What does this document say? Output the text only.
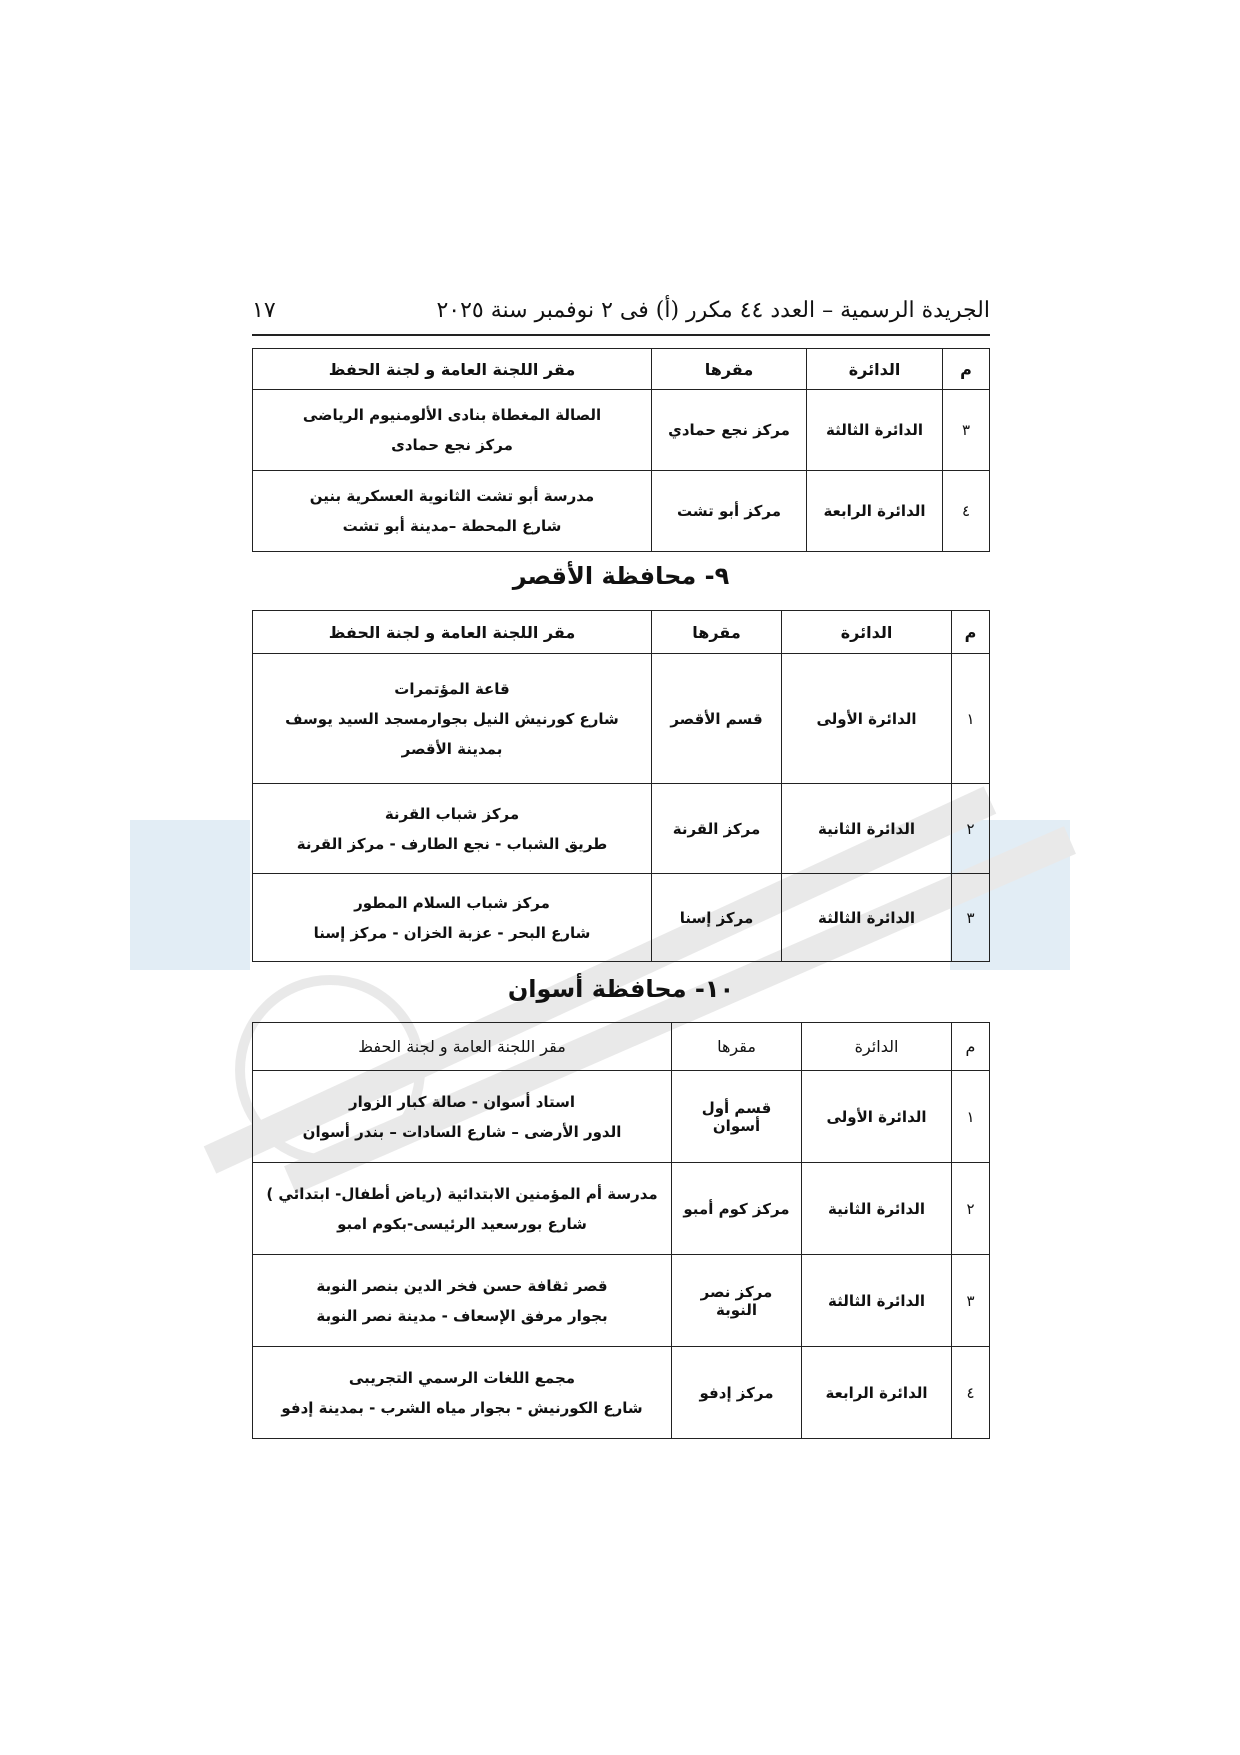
الجريدة الرسمية – العدد ٤٤ مكرر (أ) فى ٢ نوفمبر سنة ٢٠٢٥
١٧
م	الدائرة	مقرها	مقر اللجنة العامة و لجنة الحفظ
٣	الدائرة الثالثة	مركز نجع حمادي	الصالة المغطاة بنادى الألومنيوم الرياضى
مركز نجع حمادى

٤	الدائرة الرابعة	مركز أبو تشت	مدرسة أبو تشت الثانوية العسكرية بنين
شارع المحطة –مدينة أبو تشت
٩- محافظة الأقصر
م	الدائرة	مقرها	مقر اللجنة العامة و لجنة الحفظ
١	الدائرة الأولى	قسم الأقصر	قاعة المؤتمرات
شارع كورنيش النيل بجوارمسجد السيد يوسف
بمدينة الأقصر

٢	الدائرة الثانية	مركز القرنة	مركز شباب القرنة
طريق الشباب - نجع الطارف - مركز القرنة

٣	الدائرة الثالثة	مركز إسنا	مركز شباب السلام المطور
شارع البحر - عزبة الخزان - مركز إسنا
١٠- محافظة أسوان
م	الدائرة	مقرها	مقر اللجنة العامة و لجنة الحفظ
١	الدائرة الأولى	قسم أول أسوان	استاد أسوان - صالة كبار الزوار
الدور الأرضى – شارع السادات – بندر أسوان

٢	الدائرة الثانية	مركز كوم أمبو	مدرسة أم المؤمنين الابتدائية (رياض أطفال- ابتدائي )
شارع بورسعيد الرئيسى-بكوم امبو

٣	الدائرة الثالثة	مركز نصر النوبة	قصر ثقافة حسن فخر الدين بنصر النوبة
بجوار مرفق الإسعاف - مدينة نصر النوبة

٤	الدائرة الرابعة	مركز إدفو	مجمع اللغات الرسمي التجريبى
شارع الكورنيش - بجوار مياه الشرب - بمدينة إدفو
